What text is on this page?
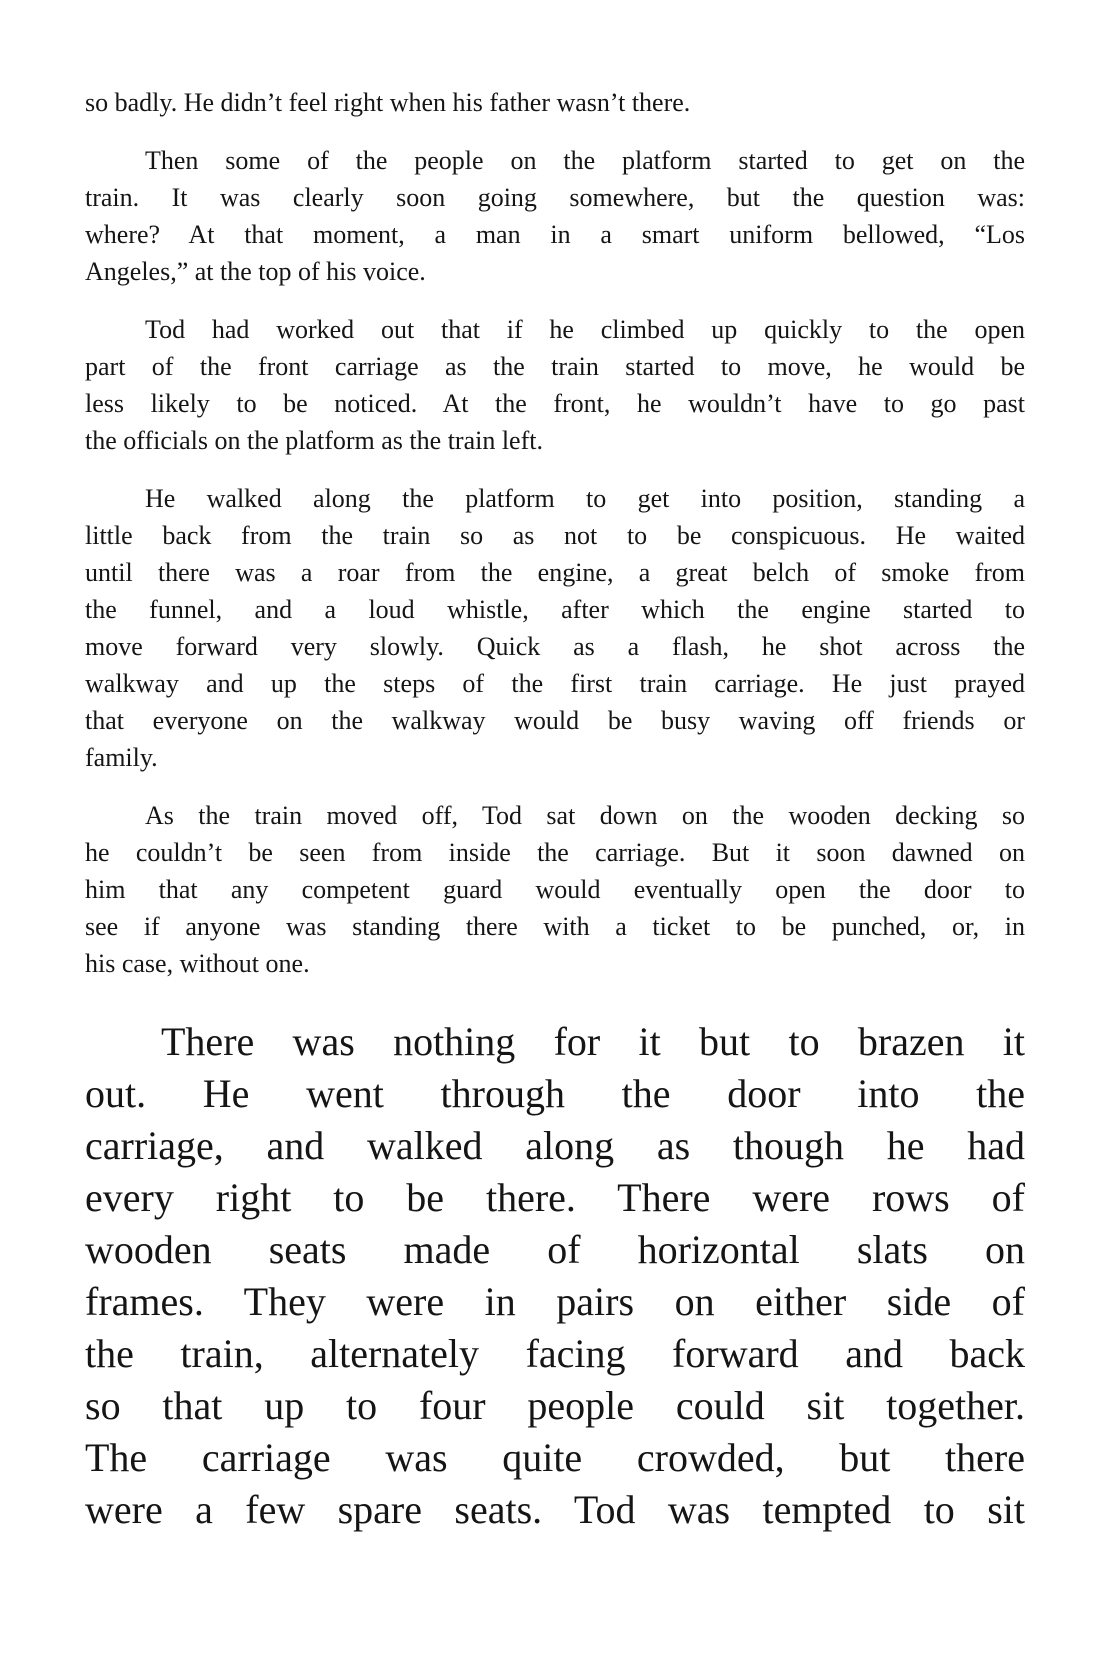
so badly. He didn’t feel right when his father wasn’t there.

Then some of the people on the platform started to get on the
train. It was clearly soon going somewhere, but the question was:
where? At that moment, a man in a smart uniform bellowed, “Los
Angeles,” at the top of his voice.

Tod had worked out that if he climbed up quickly to the open
part of the front carriage as the train started to move, he would be
less likely to be noticed. At the front, he wouldn’t have to go past
the officials on the platform as the train left.

He walked along the platform to get into position, standing a
little back from the train so as not to be conspicuous. He waited
until there was a roar from the engine, a great belch of smoke from
the funnel, and a loud whistle, after which the engine started to
move forward very slowly. Quick as a flash, he shot across the
walkway and up the steps of the first train carriage. He just prayed
that everyone on the walkway would be busy waving off friends or
family.

As the train moved off, Tod sat down on the wooden decking so
he couldn’t be seen from inside the carriage. But it soon dawned on
him that any competent guard would eventually open the door to
see if anyone was standing there with a ticket to be punched, or, in
his case, without one.

There was nothing for it but to brazen it
out. He went through the door into the
carriage, and walked along as though he had
every right to be there. There were rows of
wooden seats made of horizontal slats on
frames. They were in pairs on either side of
the train, alternately facing forward and back
so that up to four people could sit together.
The carriage was quite crowded, but there
were a few spare seats. Tod was tempted to sit
